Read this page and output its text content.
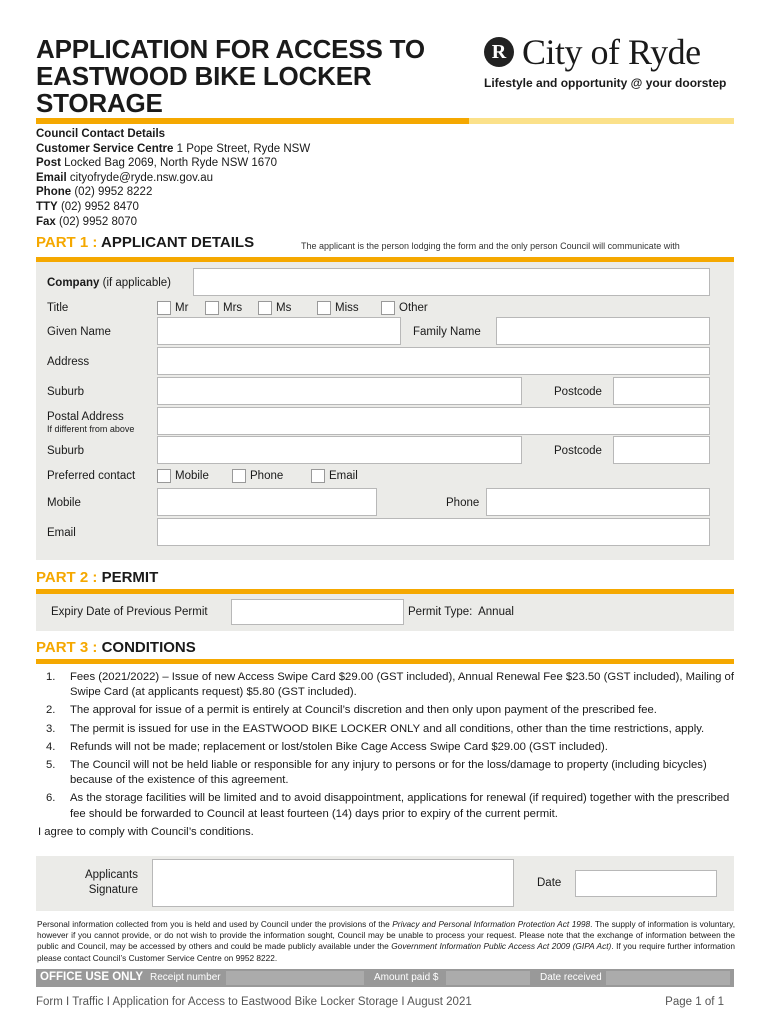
APPLICATION FOR ACCESS TO EASTWOOD BIKE LOCKER STORAGE
R City of Ryde
Lifestyle and opportunity @ your doorstep
Council Contact Details
Customer Service Centre 1 Pope Street, Ryde NSW
Post Locked Bag 2069, North Ryde NSW 1670
Email cityofryde@ryde.nsw.gov.au
Phone (02) 9952 8222
TTY (02) 9952 8470
Fax (02) 9952 8070
PART 1 : APPLICANT DETAILS	The applicant is the person lodging the form and the only person Council will communicate with
Company (if applicable)
Title	Mr	Mrs	Ms	Miss	Other
Given Name	Family Name
Address
Suburb	Postcode
Postal Address
If different from above
Suburb	Postcode
Preferred contact	Mobile	Phone	Email
Mobile	Phone
Email
PART 2 : PERMIT
Expiry Date of Previous Permit	Permit Type: Annual
PART 3 : CONDITIONS
1.	Fees (2021/2022) – Issue of new Access Swipe Card $29.00 (GST included), Annual Renewal Fee $23.50 (GST included), Mailing of Swipe Card (at applicants request) $5.80 (GST included).
2.	The approval for issue of a permit is entirely at Council’s discretion and then only upon payment of the prescribed fee.
3.	The permit is issued for use in the EASTWOOD BIKE LOCKER ONLY and all conditions, other than the time restrictions, apply.
4.	Refunds will not be made; replacement or lost/stolen Bike Cage Access Swipe Card $29.00 (GST included).
5.	The Council will not be held liable or responsible for any injury to persons or for the loss/damage to property (including bicycles) because of the existence of this agreement.
6.	As the storage facilities will be limited and to avoid disappointment, applications for renewal (if required) together with the prescribed fee should be forwarded to Council at least fourteen (14) days prior to expiry of the current permit.
I agree to comply with Council’s conditions.
Applicants Signature
Date
Personal information collected from you is held and used by Council under the provisions of the Privacy and Personal Information Protection Act 1998. The supply of information is voluntary, however if you cannot provide, or do not wish to provide the information sought, Council may be unable to process your request. Please note that the exchange of information between the public and Council, may be accessed by others and could be made publicly available under the Government Information Public Access Act 2009 (GIPA Act). If you require further information please contact Council’s Customer Service Centre on 9952 8222.
OFFICE USE ONLY Receipt number	Amount paid $	Date received
Form I Traffic I Application for Access to Eastwood Bike Locker Storage I August 2021	Page 1 of 1
